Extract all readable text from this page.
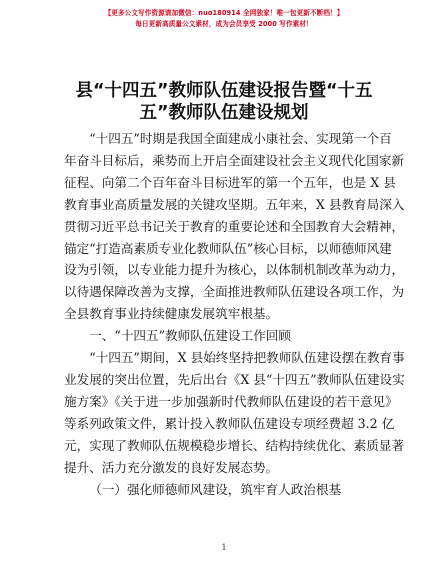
【更多公文写作资源请加微信：nuo180914 全网独家！唯一包更新不断档！】
每日更新高质量公文素材，成为会员享受 2000 写作素材！
县“十四五”教师队伍建设报告暨“十五
五”教师队伍建设规划

“十四五”时期是我国全面建成小康社会、实现第一个百
年奋斗目标后，乘势而上开启全面建设社会主义现代化国家新
征程、向第二个百年奋斗目标进军的第一个五年，也是 X 县
教育事业高质量发展的关键攻坚期。五年来，X 县教育局深入
贯彻习近平总书记关于教育的重要论述和全国教育大会精神，
锚定“打造高素质专业化教师队伍”核心目标，以师德师风建
设为引领，以专业能力提升为核心，以体制机制改革为动力，
以待遇保障改善为支撑，全面推进教师队伍建设各项工作，为
全县教育事业持续健康发展筑牢根基。

一、“十四五”教师队伍建设工作回顾

“十四五”期间，X 县始终坚持把教师队伍建设摆在教育事
业发展的突出位置，先后出台《X 县“十四五”教师队伍建设实
施方案》《关于进一步加强新时代教师队伍建设的若干意见》
等系列政策文件，累计投入教师队伍建设专项经费超 3.2 亿
元，实现了教师队伍规模稳步增长、结构持续优化、素质显著
提升、活力充分激发的良好发展态势。

（一）强化师德师风建设，筑牢育人政治根基

1
